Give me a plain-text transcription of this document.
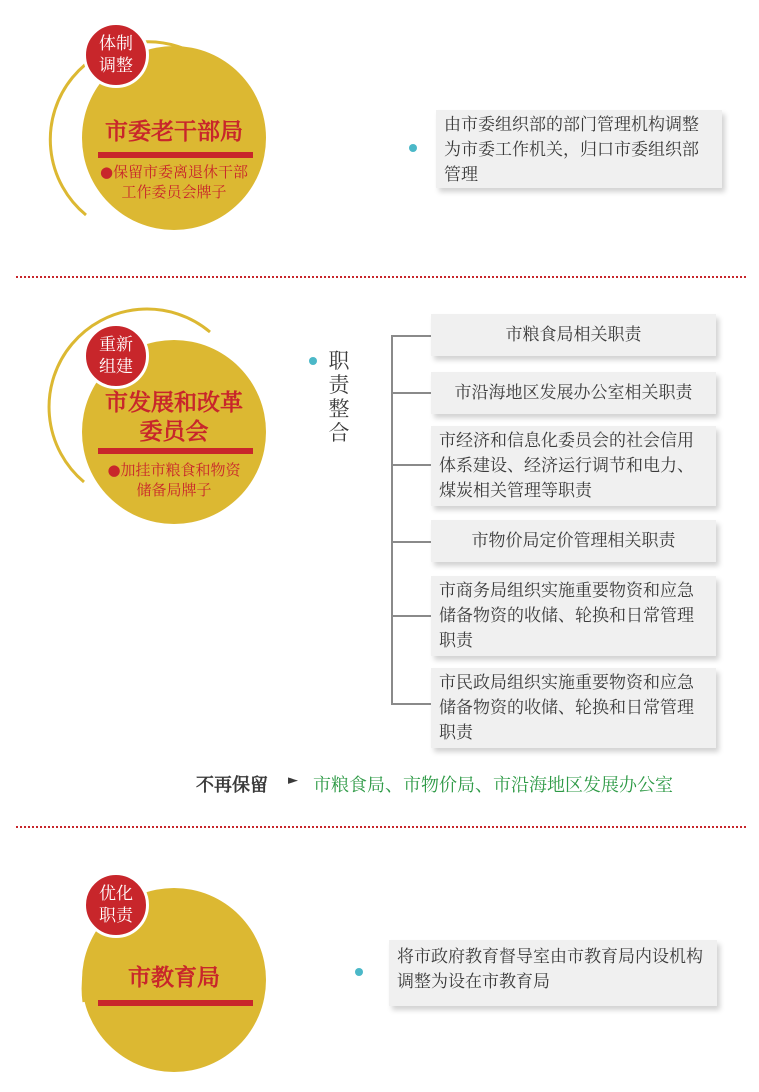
体制
调整
市委老干部局
●保留市委离退休干部
工作委员会牌子
由市委组织部的部门管理机构调整为市委工作机关，归口市委组织部管理
重新
组建
市发展和改革
委员会
●加挂市粮食和物资
储备局牌子
职
责
整
合
市粮食局相关职责
市沿海地区发展办公室相关职责
市经济和信息化委员会的社会信用体系建设、经济运行调节和电力、煤炭相关管理等职责
市物价局定价管理相关职责
市商务局组织实施重要物资和应急储备物资的收储、轮换和日常管理职责
市民政局组织实施重要物资和应急储备物资的收储、轮换和日常管理职责
不再保留 ► 市粮食局、市物价局、市沿海地区发展办公室
优化
职责
市教育局
将市政府教育督导室由市教育局内设机构调整为设在市教育局
